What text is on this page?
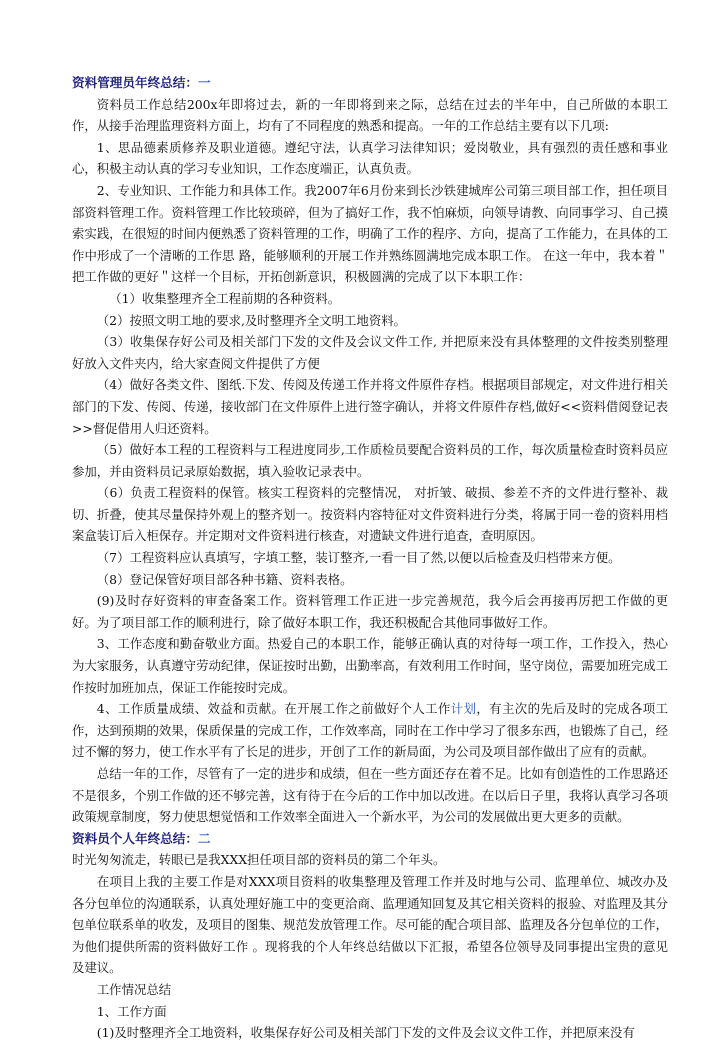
资料管理员年终总结：一

资料员工作总结200x年即将过去，新的一年即将到来之际，总结在过去的半年中，自己所做的本职工作，从接手治理监理资料方面上，均有了不同程度的熟悉和提高。一年的工作总结主要有以下几项:

1、思品德素质修养及职业道德。遵纪守法，认真学习法律知识；爱岗敬业，具有强烈的责任感和事业心，积极主动认真的学习专业知识，工作态度端正，认真负责。

2、专业知识、工作能力和具体工作。我2007年6月份来到长沙铁建城库公司第三项目部工作，担任项目部资料管理工作。资料管理工作比较琐碎，但为了搞好工作，我不怕麻烦，向领导请教、向同事学习、自己摸索实践，在很短的时间内便熟悉了资料管理的工作，明确了工作的程序、方向，提高了工作能力，在具体的工作中形成了一个清晰的工作思 路，能够顺利的开展工作并熟练圆满地完成本职工作。 在这一年中，我本着＂把工作做的更好＂这样一个目标，开拓创新意识，积极圆满的完成了以下本职工作：

（1）收集整理齐全工程前期的各种资料。

（2）按照文明工地的要求,及时整理齐全文明工地资料。

（3）收集保存好公司及相关部门下发的文件及会议文件工作, 并把原来没有具体整理的文件按类别整理好放入文件夹内，给大家查阅文件提供了方便

（4）做好各类文件、图纸.下发、传阅及传递工作并将文件原件存档。根据项目部规定，对文件进行相关部门的下发、传阅、传递，接收部门在文件原件上进行签字确认，并将文件原件存档,做好<<资料借阅登记表>>督促借用人归还资料。

（5）做好本工程的工程资料与工程进度同步,工作质检员要配合资料员的工作，每次质量检查时资料员应参加，并由资料员记录原始数据，填入验收记录表中。

（6）负责工程资料的保管。核实工程资料的完整情况， 对折皱、破损、参差不齐的文件进行整补、裁切、折叠，使其尽量保持外观上的整齐划一。按资料内容特征对文件资料进行分类，将属于同一卷的资料用档案盒装订后入柜保存。并定期对文件资料进行核查，对遗缺文件进行追查，查明原因。

（7）工程资料应认真填写，字填工整，装订整齐,一看一目了然,以便以后检查及归档带来方便。

（8）登记保管好项目部各种书籍、资料表格。

(9)及时存好资料的审查备案工作。资料管理工作正进一步完善规范，我今后会再接再厉把工作做的更好。为了项目部工作的顺利进行，除了做好本职工作，我还积极配合其他同事做好工作。

3、工作态度和勤奋敬业方面。热爱自己的本职工作，能够正确认真的对待每一项工作，工作投入，热心为大家服务，认真遵守劳动纪律，保证按时出勤，出勤率高，有效利用工作时间，坚守岗位，需要加班完成工作按时加班加点，保证工作能按时完成。

4、工作质量成绩、效益和贡献。在开展工作之前做好个人工作计划，有主次的先后及时的完成各项工作，达到预期的效果，保质保量的完成工作，工作效率高，同时在工作中学习了很多东西，也锻炼了自己，经过不懈的努力，使工作水平有了长足的进步，开创了工作的新局面，为公司及项目部作做出了应有的贡献。

总结一年的工作，尽管有了一定的进步和成绩，但在一些方面还存在着不足。比如有创造性的工作思路还不是很多，个别工作做的还不够完善，这有待于在今后的工作中加以改进。在以后日子里，我将认真学习各项政策规章制度，努力使思想觉悟和工作效率全面进入一个新水平，为公司的发展做出更大更多的贡献。

资料员个人年终总结：二

时光匆匆流走，转眼已是我XXX担任项目部的资料员的第二个年头。

在项目上我的主要工作是对XXX项目资料的收集整理及管理工作并及时地与公司、监理单位、城改办及各分包单位的沟通联系，认真处理好施工中的变更洽商、监理通知回复及其它相关资料的报验、对监理及其分包单位联系单的收发，及项目的图集、规范发放管理工作。尽可能的配合项目部、监理及各分包单位的工作，为他们提供所需的资料做好工作 。现将我的个人年终总结做以下汇报，希望各位领导及同事提出宝贵的意见及建议。

工作情况总结

1、工作方面

(1)及时整理齐全工地资料，收集保存好公司及相关部门下发的文件及会议文件工作，并把原来没有
